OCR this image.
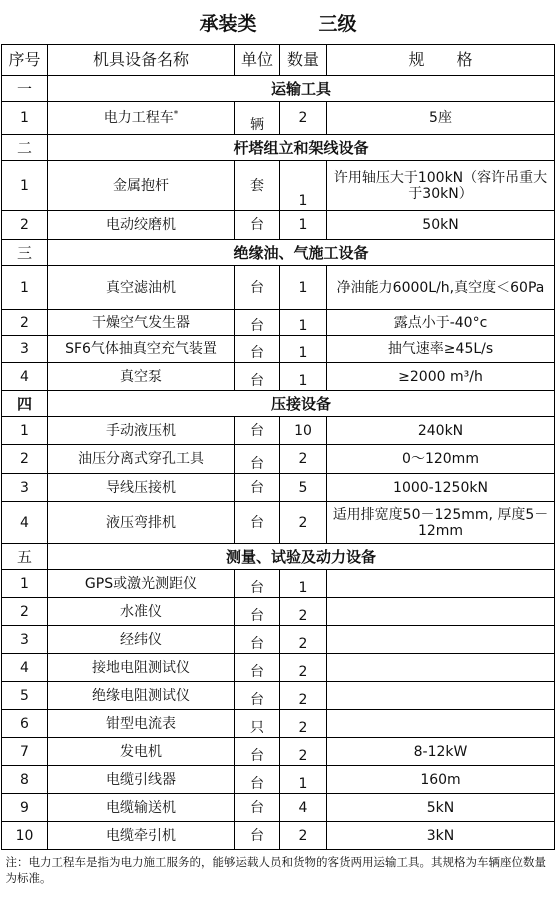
承装类	三级
序号	机具设备名称	单位	数量	规　　格
一	运输工具			
1	电力工程车*	辆	2	5座
二	杆塔组立和架线设备			
1	金属抱杆	套	1	许用轴压大于100kN（容许吊重大于30kN）
2	电动绞磨机	台	1	50kN
三	绝缘油、气施工设备			
1	真空滤油机	台	1	净油能力6000L/h,真空度＜60Pa
2	干燥空气发生器	台	1	露点小于-40°c
3	SF6气体抽真空充气装置	台	1	抽气速率≥45L/s
4	真空泵	台	1	≥2000 m³/h
四	压接设备			
1	手动液压机	台	10	240kN
2	油压分离式穿孔工具	台	2	0～120mm
3	导线压接机	台	5	1000-1250kN
4	液压弯排机	台	2	适用排宽度50－125mm, 厚度5－12mm
五	测量、试验及动力设备			
1	GPS或激光测距仪	台	1	
2	水准仪	台	2	
3	经纬仪	台	2	
4	接地电阻测试仪	台	2	
5	绝缘电阻测试仪	台	2	
6	钳型电流表	只	2	
7	发电机	台	2	8-12kW
8	电缆引线器	台	1	160m
9	电缆输送机	台	4	5kN
10	电缆牵引机	台	2	3kN
注：电力工程车是指为电力施工服务的，能够运载人员和货物的客货两用运输工具。其规格为车辆座位数量为标准。				
